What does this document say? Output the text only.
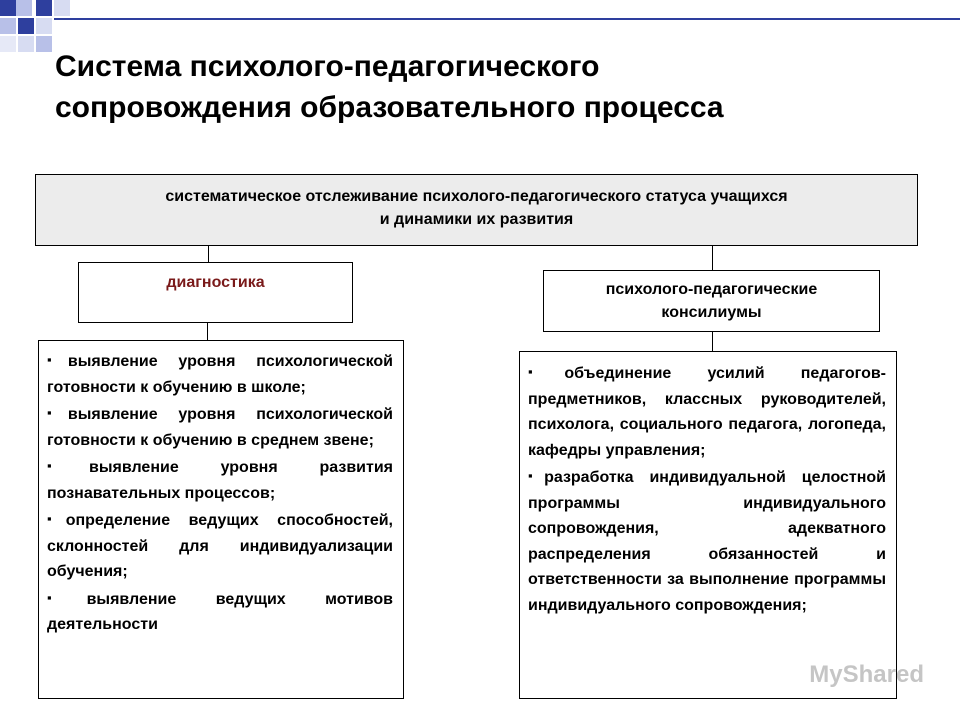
Система психолого-педагогического
сопровождения образовательного процесса
систематическое отслеживание психолого-педагогического статуса учащихся
и динамики их развития
диагностика	психолого-педагогические
консилиумы
▪ выявление уровня психологической готовности к обучению в школе;
▪ выявление уровня психологической готовности к обучению в среднем звене;
▪ выявление уровня развития познавательных процессов;
▪ определение ведущих способностей, склонностей для индивидуализации обучения;
▪ выявление ведущих мотивов деятельности
▪ объединение усилий педагогов-предметников, классных руководителей, психолога, социального педагога, логопеда, кафедры управления;
▪ разработка индивидуальной целостной программы индивидуального сопровождения, адекватного распределения обязанностей и ответственности за выполнение программы индивидуального сопровождения;
MyShared
